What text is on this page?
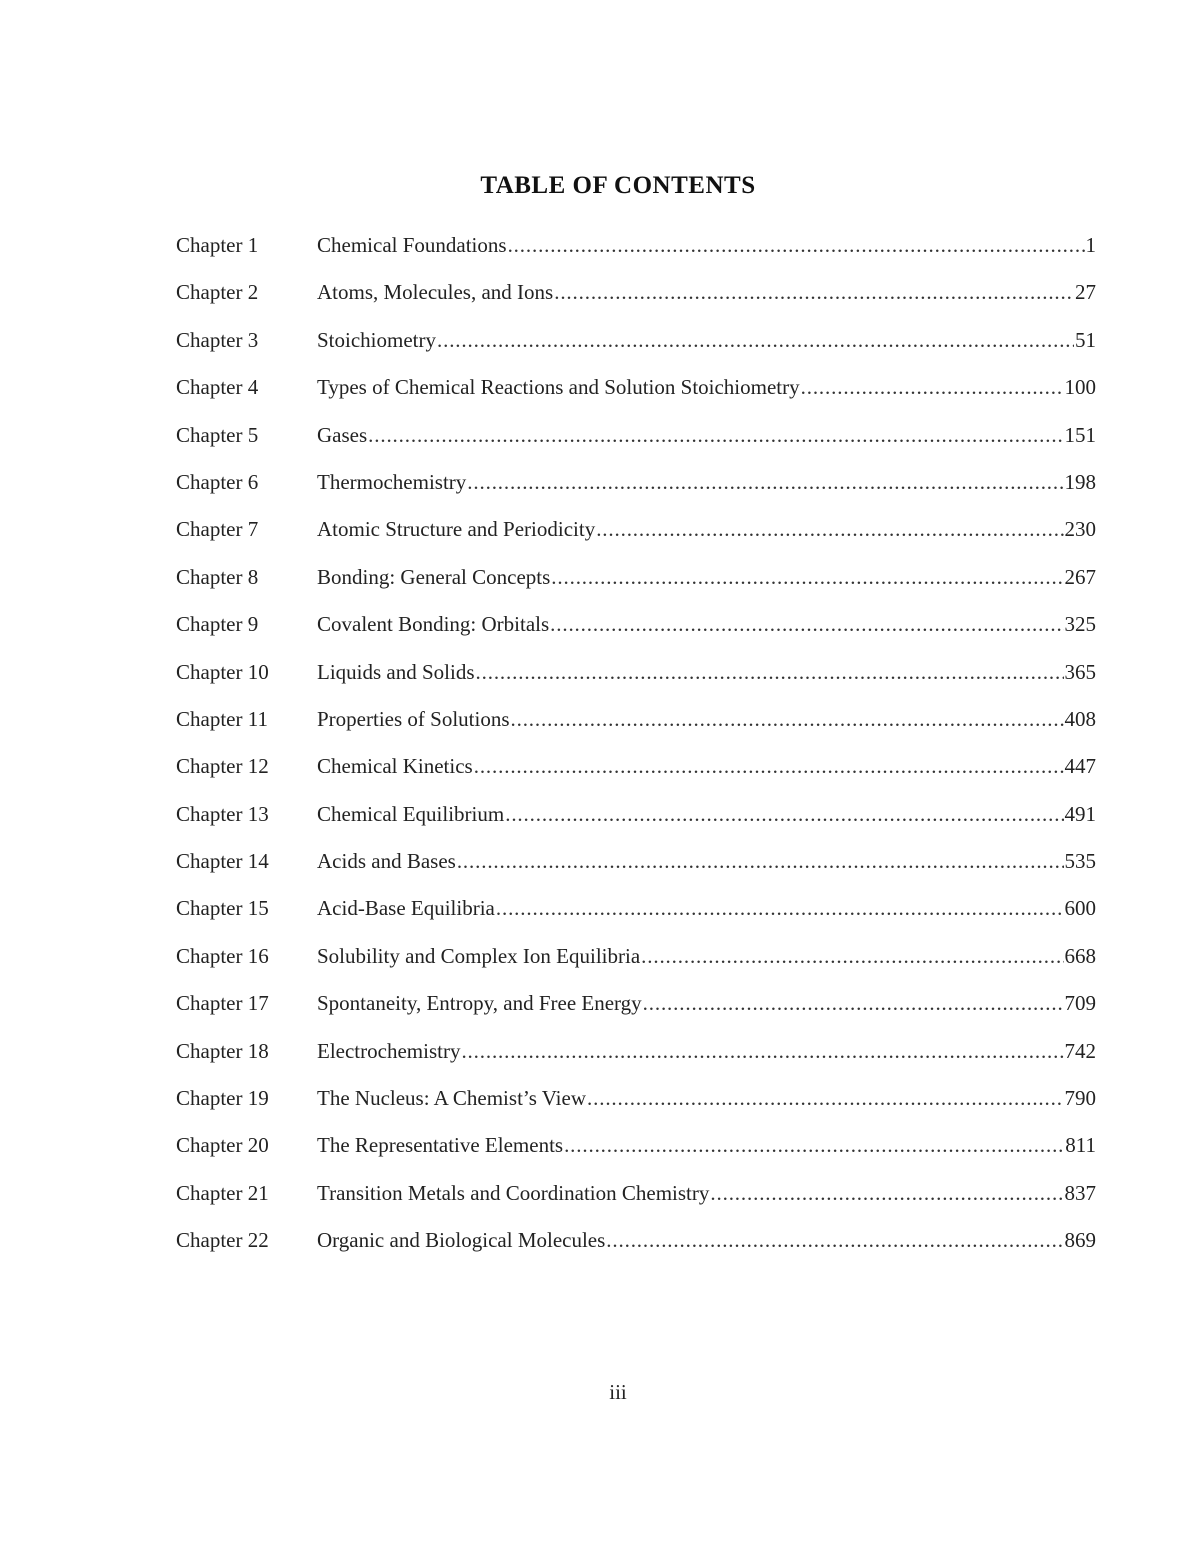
TABLE OF CONTENTS
Chapter 1	Chemical Foundations . . .	1
Chapter 2	Atoms, Molecules, and Ions . . .	27
Chapter 3	Stoichiometry . . .	51
Chapter 4	Types of Chemical Reactions and Solution Stoichiometry . . .	100
Chapter 5	Gases . . .	151
Chapter 6	Thermochemistry . . .	198
Chapter 7	Atomic Structure and Periodicity . . .	230
Chapter 8	Bonding: General Concepts . . .	267
Chapter 9	Covalent Bonding: Orbitals . . .	325
Chapter 10	Liquids and Solids . . .	365
Chapter 11	Properties of Solutions . . .	408
Chapter 12	Chemical Kinetics . . .	447
Chapter 13	Chemical Equilibrium . . .	491
Chapter 14	Acids and Bases . . .	535
Chapter 15	Acid-Base Equilibria . . .	600
Chapter 16	Solubility and Complex Ion Equilibria . . .	668
Chapter 17	Spontaneity, Entropy, and Free Energy . . .	709
Chapter 18	Electrochemistry . . .	742
Chapter 19	The Nucleus: A Chemist’s View . . .	790
Chapter 20	The Representative Elements . . .	811
Chapter 21	Transition Metals and Coordination Chemistry . . .	837
Chapter 22	Organic and Biological Molecules . . .	869
iii
